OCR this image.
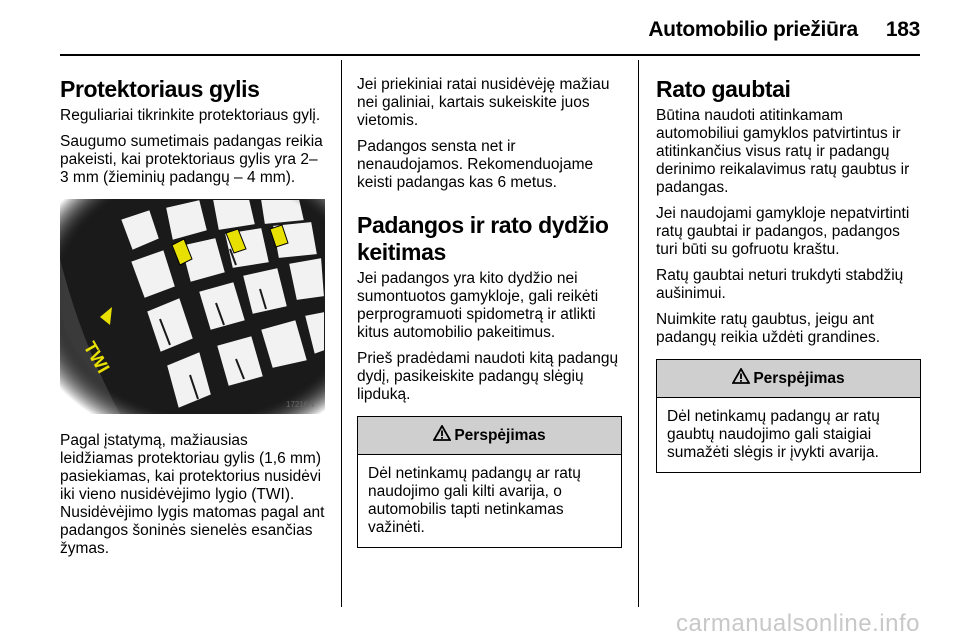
Automobilio priežiūra 183
Protektoriaus gylis

Reguliariai tikrinkite protektoriaus gylį.

Saugumo sumetimais padangas reikia pakeisti, kai protektoriaus gylis yra 2–3 mm (žieminių padangų – 4 mm).

17216 T

Pagal įstatymą, mažiausias leidžiamas protektoriau gylis (1,6 mm) pasiekiamas, kai protektorius nusidėvi iki vieno nusidėvėjimo lygio (TWI). Nusidėvėjimo lygis matomas pagal ant padangos šoninės sienelės esančias žymas.

Jei priekiniai ratai nusidėvėję mažiau nei galiniai, kartais sukeiskite juos vietomis.

Padangos sensta net ir nenaudojamos. Rekomenduojame keisti padangas kas 6 metus.

Padangos ir rato dydžio keitimas

Jei padangos yra kito dydžio nei sumontuotos gamykloje, gali reikėti perprogramuoti spidometrą ir atlikti kitus automobilio pakeitimus.

Prieš pradėdami naudoti kitą padangų dydį, pasikeiskite padangų slėgių lipduką.

Perspėjimas
Dėl netinkamų padangų ar ratų naudojimo gali kilti avarija, o automobilis tapti netinkamas važinėti.
Rato gaubtai

Būtina naudoti atitinkamam automobiliui gamyklos patvirtintus ir atitinkančius visus ratų ir padangų derinimo reikalavimus ratų gaubtus ir padangas.

Jei naudojami gamykloje nepatvirtinti ratų gaubtai ir padangos, padangos turi būti su gofruotu kraštu.

Ratų gaubtai neturi trukdyti stabdžių aušinimui.

Nuimkite ratų gaubtus, jeigu ant padangų reikia uždėti grandines.

Perspėjimas
Dėl netinkamų padangų ar ratų gaubtų naudojimo gali staigiai sumažėti slėgis ir įvykti avarija.
carmanualsonline.info
